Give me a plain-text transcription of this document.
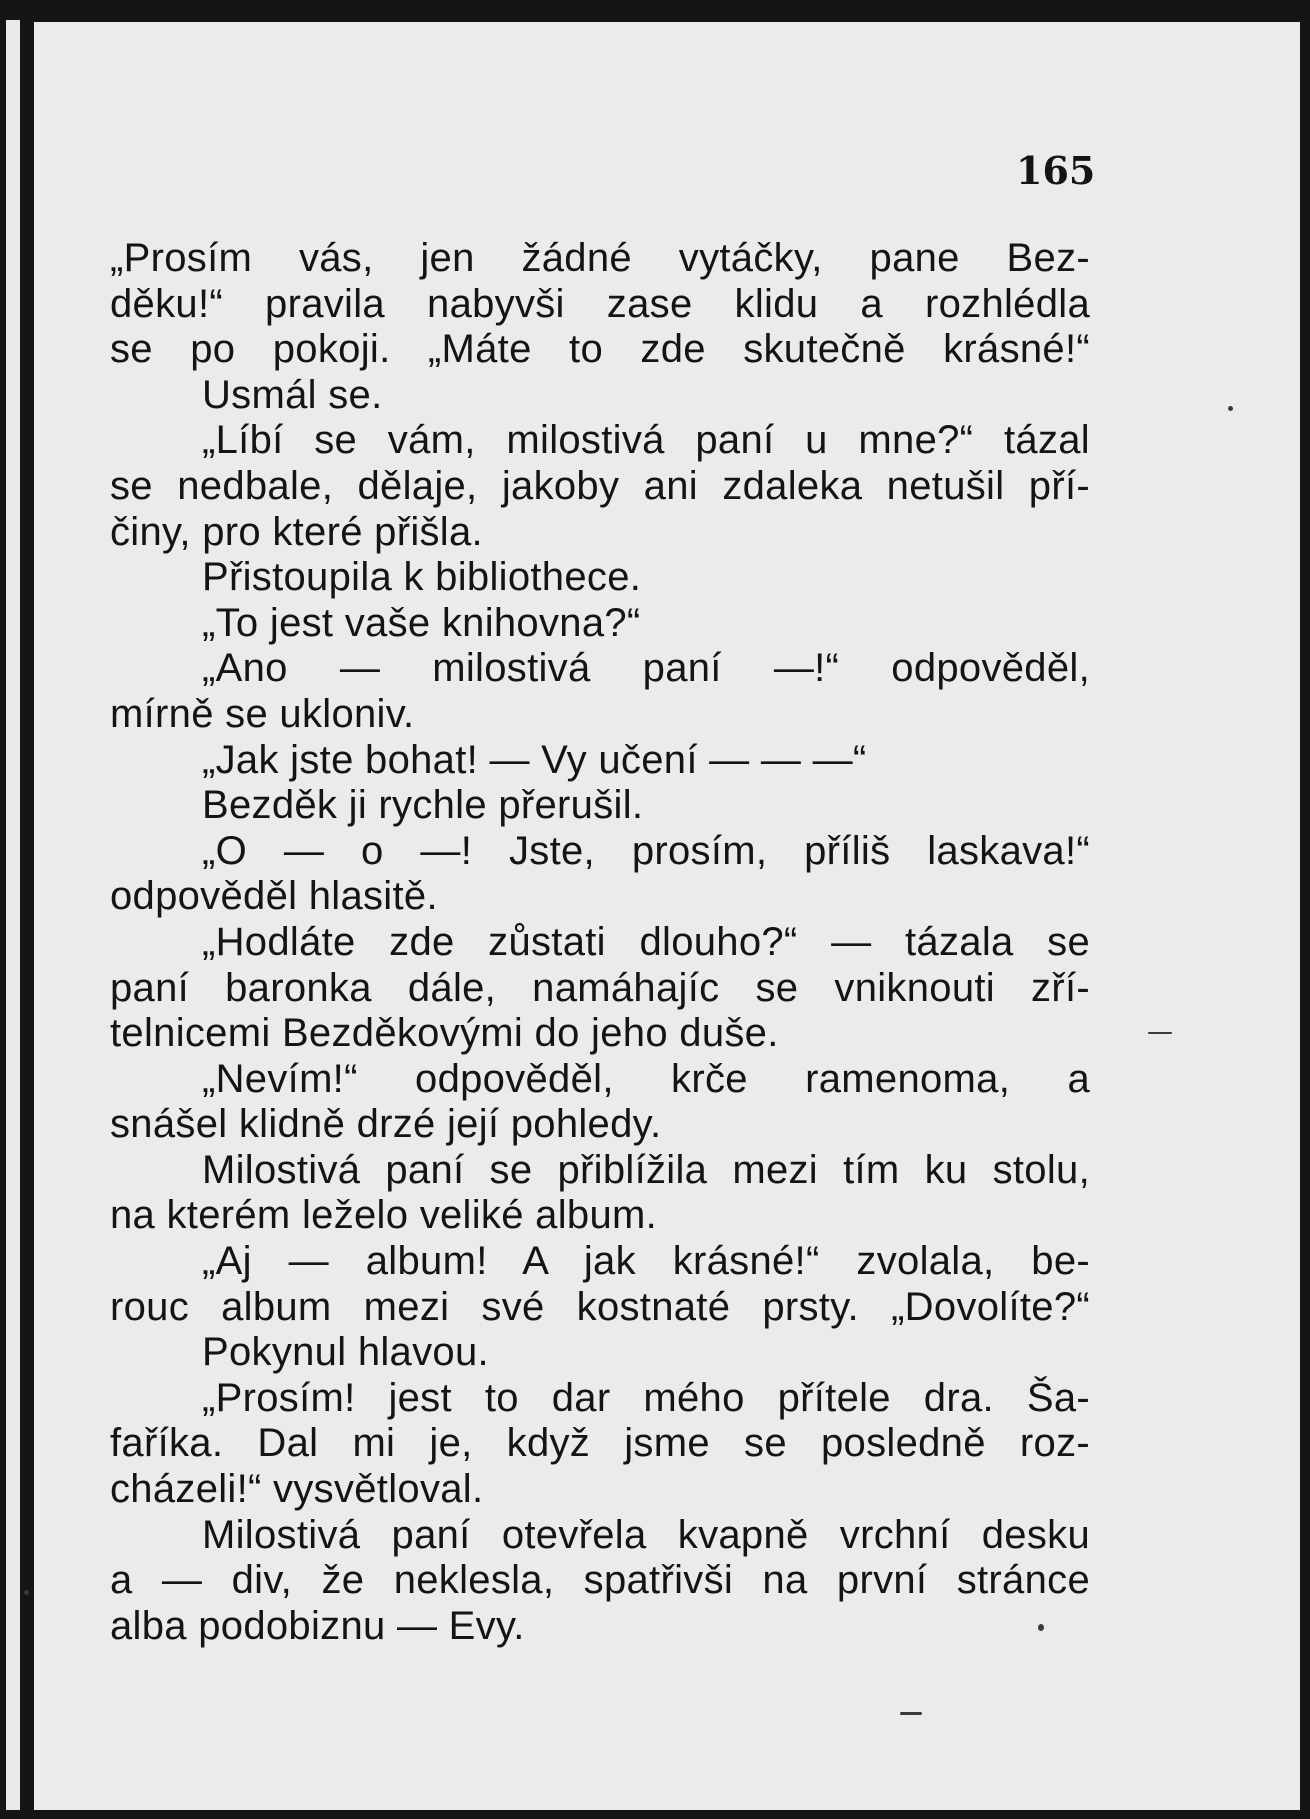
165
„Prosím vás, jen žádné vytáčky, pane Bez-
děku!“ pravila nabyvši zase klidu a rozhlédla
se po pokoji. „Máte to zde skutečně krásné!“
Usmál se.
„Líbí se vám, milostivá paní u mne?“ tázal
se nedbale, dělaje, jakoby ani zdaleka netušil pří-
činy, pro které přišla.
Přistoupila k bibliothece.
„To jest vaše knihovna?“
„Ano — milostivá paní —!“ odpověděl,
mírně se ukloniv.
„Jak jste bohat! — Vy učení — — —“
Bezděk ji rychle přerušil.
„O — o —! Jste, prosím, příliš laskava!“
odpověděl hlasitě.
„Hodláte zde zůstati dlouho?“ — tázala se
paní baronka dále, namáhajíc se vniknouti zří-
telnicemi Bezděkovými do jeho duše.
„Nevím!“ odpověděl, krče ramenoma, a
snášel klidně drzé její pohledy.
Milostivá paní se přiblížila mezi tím ku stolu,
na kterém leželo veliké album.
„Aj — album! A jak krásné!“ zvolala, be-
rouc album mezi své kostnaté prsty. „Dovolíte?“
Pokynul hlavou.
„Prosím! jest to dar mého přítele dra. Ša-
faříka. Dal mi je, když jsme se posledně roz-
cházeli!“ vysvětloval.
Milostivá paní otevřela kvapně vrchní desku
a — div, že neklesla, spatřivši na první stránce
alba podobiznu — Evy.
